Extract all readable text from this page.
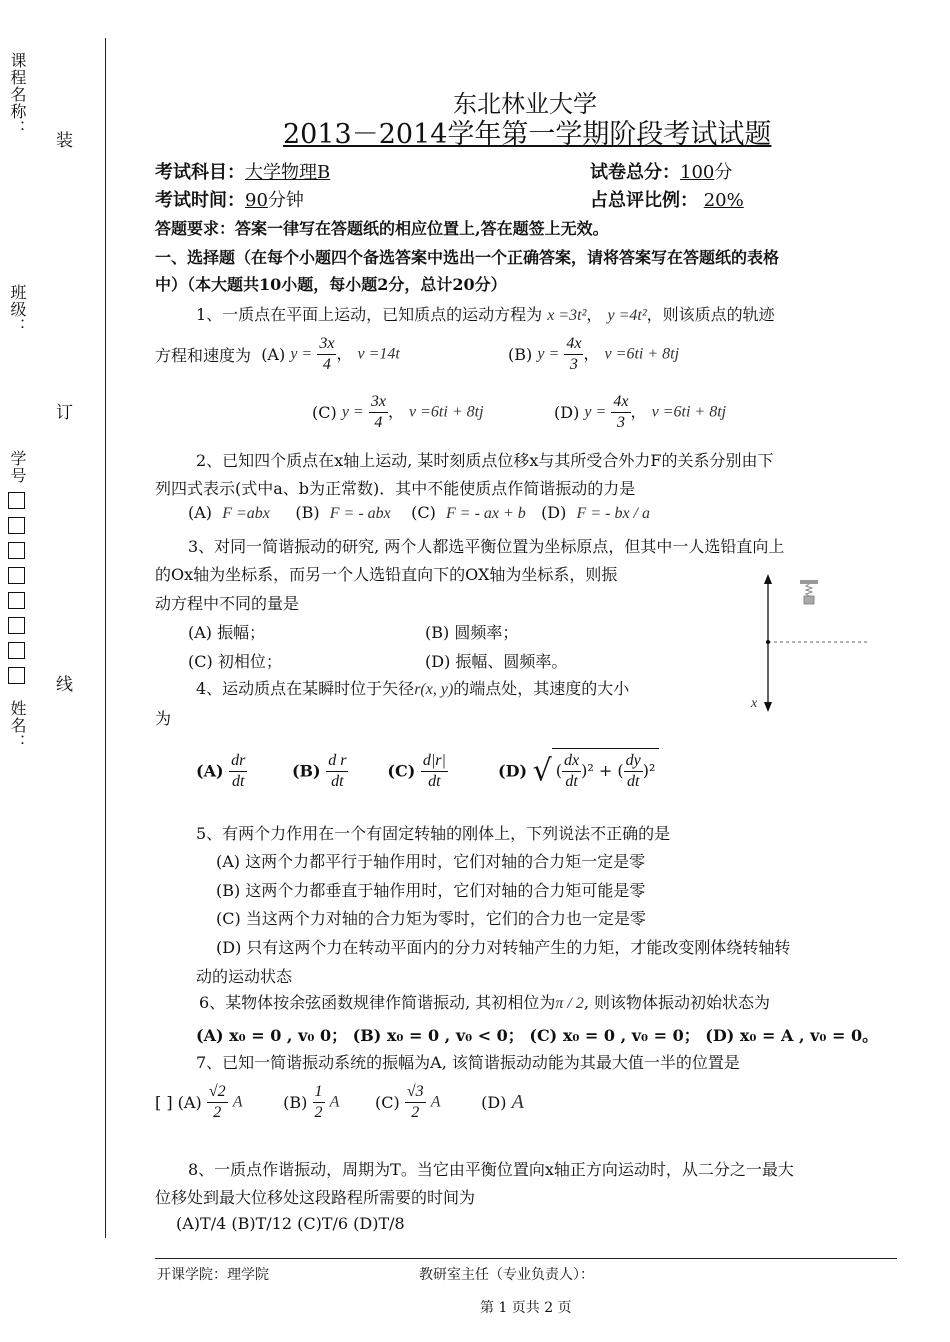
课程名称：
班级：
学号
姓名：
装
订
线
东北林业大学
2013－2014学年第一学期阶段考试试题
考试科目：大学物理B	试卷总分：100分
考试时间：90分钟	占总评比例： 20%
答题要求：答案一律写在答题纸的相应位置上,答在题签上无效。
一、选择题（在每个小题四个备选答案中选出一个正确答案，请将答案写在答题纸的表格
中）（本大题共10小题，每小题2分，总计20分）
1、一质点在平面上运动，已知质点的运动方程为 x =3t²， y =4t²，则该质点的轨迹
方程和速度为 (A) $y = \frac{3x}{4}$ ， v =14t	(B) $y = \frac{4x}{3}$ ， v =6ti + 8tj
(C) $y = \frac{3x}{4}$ ， v =6ti + 8tj	(D) $y = \frac{4x}{3}$ ， v =6ti + 8tj
2、已知四个质点在x轴上运动, 某时刻质点位移x与其所受合外力F的关系分别由下
列四式表示(式中a、b为正常数)．其中不能使质点作简谐振动的力是
(A) F =abx (B) F = - abx (C) F = - ax + b (D) F = - bx / a
3、对同一简谐振动的研究, 两个人都选平衡位置为坐标原点，但其中一人选铅直向上
的Ox轴为坐标系，而另一个人选铅直向下的OX轴为坐标系，则振
动方程中不同的量是
(A) 振幅；	(B) 圆频率；
(C) 初相位；	(D) 振幅、圆频率。
x
4、运动质点在某瞬时位于矢径r(x, y)的端点处，其速度的大小
为
$(A) \frac{dr}{dt}$	$(B) \frac{\text{d r}}{dt} (C) \frac{d|r|}{dt}$	(D) √( $\frac{dx}{dt} )^2$ + ( $\frac{dy}{dt} )^2$
5、有两个力作用在一个有固定转轴的刚体上，下列说法不正确的是
(A) 这两个力都平行于轴作用时，它们对轴的合力矩一定是零
(B) 这两个力都垂直于轴作用时，它们对轴的合力矩可能是零
(C) 当这两个力对轴的合力矩为零时，它们的合力也一定是零
(D) 只有这两个力在转动平面内的分力对转轴产生的力矩，才能改变刚体绕转轴转
动的运动状态
6、某物体按余弦函数规律作简谐振动, 其初相位为π / 2, 则该物体振动初始状态为
(A) x₀ = 0 , v₀ 0； (B) x₀ = 0 , v₀ < 0； (C) x₀ = 0 , v₀ = 0； (D) x₀ = A , v₀ = 0。
7、已知一简谐振动系统的振幅为A, 该简谐振动动能为其最大值一半的位置是
[ ] $(A) \frac{√2}{2}$ A	$(B) \frac{1}{2}$ A $(C) \frac{√3}{2}$ A	(D) A
8、一质点作谐振动，周期为T。当它由平衡位置向x轴正方向运动时，从二分之一最大
位移处到最大位移处这段路程所需要的时间为
(A)T/4 (B)T/12 (C)T/6 (D)T/8
开课学院：理学院	教研室主任（专业负责人）：
第 1 页共 2 页
